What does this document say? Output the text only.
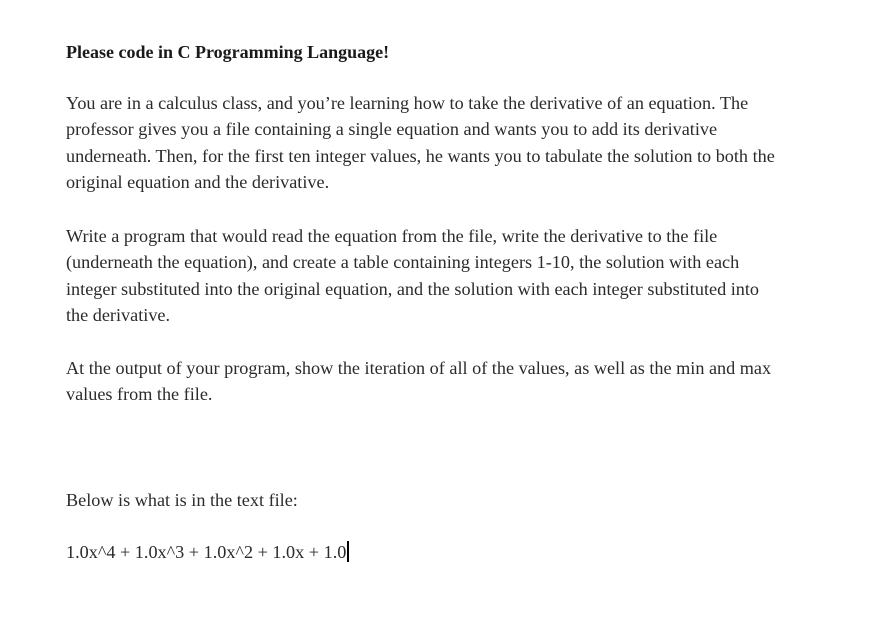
Please code in C Programming Language!

You are in a calculus class, and you’re learning how to take the derivative of an equation. The
professor gives you a file containing a single equation and wants you to add its derivative
underneath. Then, for the first ten integer values, he wants you to tabulate the solution to both the
original equation and the derivative.

Write a program that would read the equation from the file, write the derivative to the file
(underneath the equation), and create a table containing integers 1-10, the solution with each
integer substituted into the original equation, and the solution with each integer substituted into
the derivative.

At the output of your program, show the iteration of all of the values, as well as the min and max
values from the file.

Below is what is in the text file:

1.0x^4 + 1.0x^3 + 1.0x^2 + 1.0x + 1.0
